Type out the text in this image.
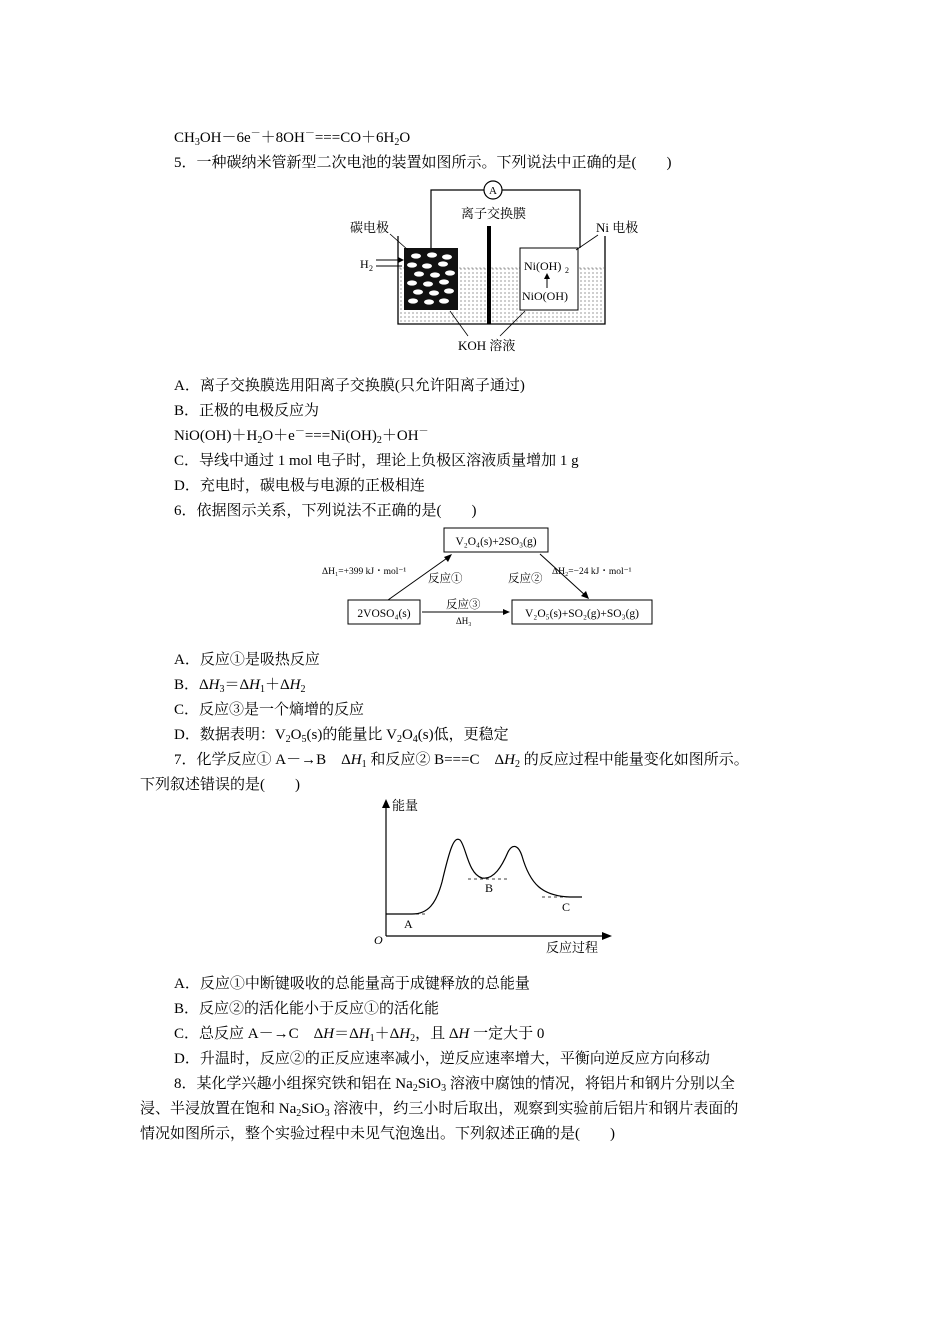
$CH_3OH-6e^-+8OH^-===CO+6H_2O$
5．一种碳纳米管新型二次电池的装置如图所示。下列说法中正确的是(　　)
A
Ni(OH) 2
NiO(OH)
H 2
碳电极
离子交换膜
Ni 电极
KOH 溶液
A．离子交换膜选用阳离子交换膜(只允许阳离子通过)
B．正极的电极反应为
$NiO(OH)+H_2O+e^-===Ni(OH)_2+OH^-$
C．导线中通过 1 mol 电子时，理论上负极区溶液质量增加 1 g
D．充电时，碳电极与电源的正极相连
6．依据图示关系，下列说法不正确的是(　　)
V₂O₄(s)+2SO₃(g)
2VOSO₄(s)	V₂O₅(s)+SO₂(g)+SO₃(g)
ΔH₁=+399 kJ・mol⁻¹
反应①	反应②
ΔH₂=−24 kJ・mol⁻¹
反应③
ΔH₃
A．反应①是吸热反应
B．$\Delta H_3=\Delta H_1+\Delta H_2$
C．反应③是一个熵增的反应
D．数据表明：$V_2O_5(s)$的能量比 $V_2O_4(s)$低，更稳定
7．化学反应① A－→B　$\Delta H_1$ 和反应② B===C　$\Delta H_2$ 的反应过程中能量变化如图所示。
下列叙述错误的是(　　)
能量
反应过程
O
A
B
C
A．反应①中断键吸收的总能量高于成键释放的总能量
B．反应②的活化能小于反应①的活化能
C．总反应 A－→C　$\Delta H=\Delta H_1+\Delta H_2$，且 ΔH 一定大于 0
D．升温时，反应②的正反应速率减小，逆反应速率增大，平衡向逆反应方向移动
8．某化学兴趣小组探究铁和铝在 $Na_2SiO_3$ 溶液中腐蚀的情况，将铝片和钢片分别以全
浸、半浸放置在饱和 $Na_2SiO_3$ 溶液中，约三小时后取出，观察到实验前后铝片和钢片表面的
情况如图所示，整个实验过程中未见气泡逸出。下列叙述正确的是(　　)
